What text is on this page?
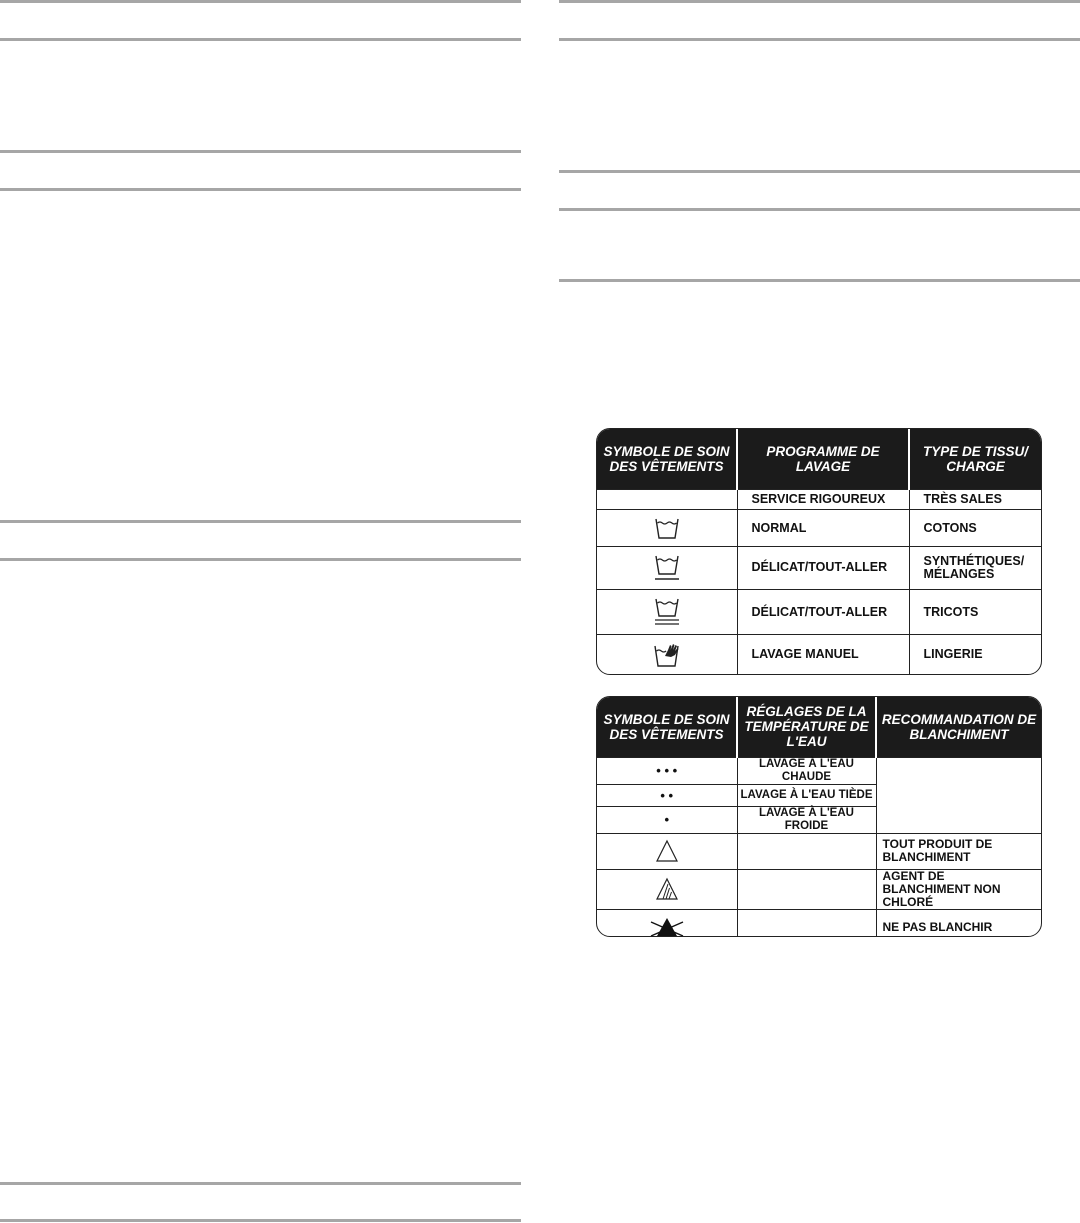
SYMBOLE DE SOIN DES VÊTEMENTS	PROGRAMME DE LAVAGE	TYPE DE TISSU/ CHARGE
	SERVICE RIGOUREUX	TRÈS SALES

	NORMAL	COTONS

	DÉLICAT/TOUT-ALLER	SYNTHÉTIQUES/ MÉLANGES

	DÉLICAT/TOUT-ALLER	TRICOTS

	LAVAGE MANUEL	LINGERIE
SYMBOLE DE SOIN DES VÊTEMENTS	RÉGLAGES DE LA TEMPÉRATURE DE L'EAU	RECOMMANDATION DE BLANCHIMENT
• • •	LAVAGE À L'EAU CHAUDE	
• •	LAVAGE À L'EAU TIÈDE	
•	LAVAGE À L'EAU FROIDE	

		TOUT PRODUIT DE BLANCHIMENT

		AGENT DE BLANCHIMENT NON CHLORÉ

		NE PAS BLANCHIR
